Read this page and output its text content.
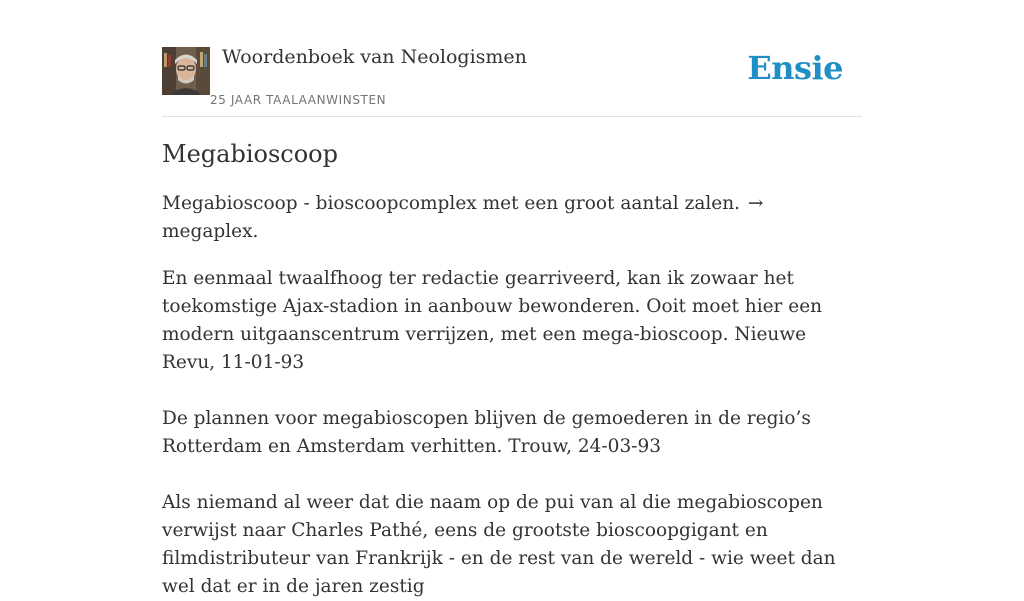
Woordenboek van Neologismen
25 JAAR TAALAANWINSTEN
Ensie
Megabioscoop

Megabioscoop - bioscoopcomplex met een groot aantal zalen. → megaplex.

En eenmaal twaalfhoog ter redactie gearriveerd, kan ik zowaar het toekomstige Ajax-stadion in aanbouw bewonderen. Ooit moet hier een modern uitgaanscentrum verrijzen, met een mega-bioscoop. Nieuwe Revu, 11-01-93

De plannen voor megabioscopen blijven de gemoederen in de regio’s Rotterdam en Amsterdam verhitten. Trouw, 24-03-93

Als niemand al weer dat die naam op de pui van al die megabioscopen verwijst naar Charles Pathé, eens de grootste bioscoopgigant en filmdistributeur van Frankrijk - en de rest van de wereld - wie weet dan wel dat er in de jaren zestig
